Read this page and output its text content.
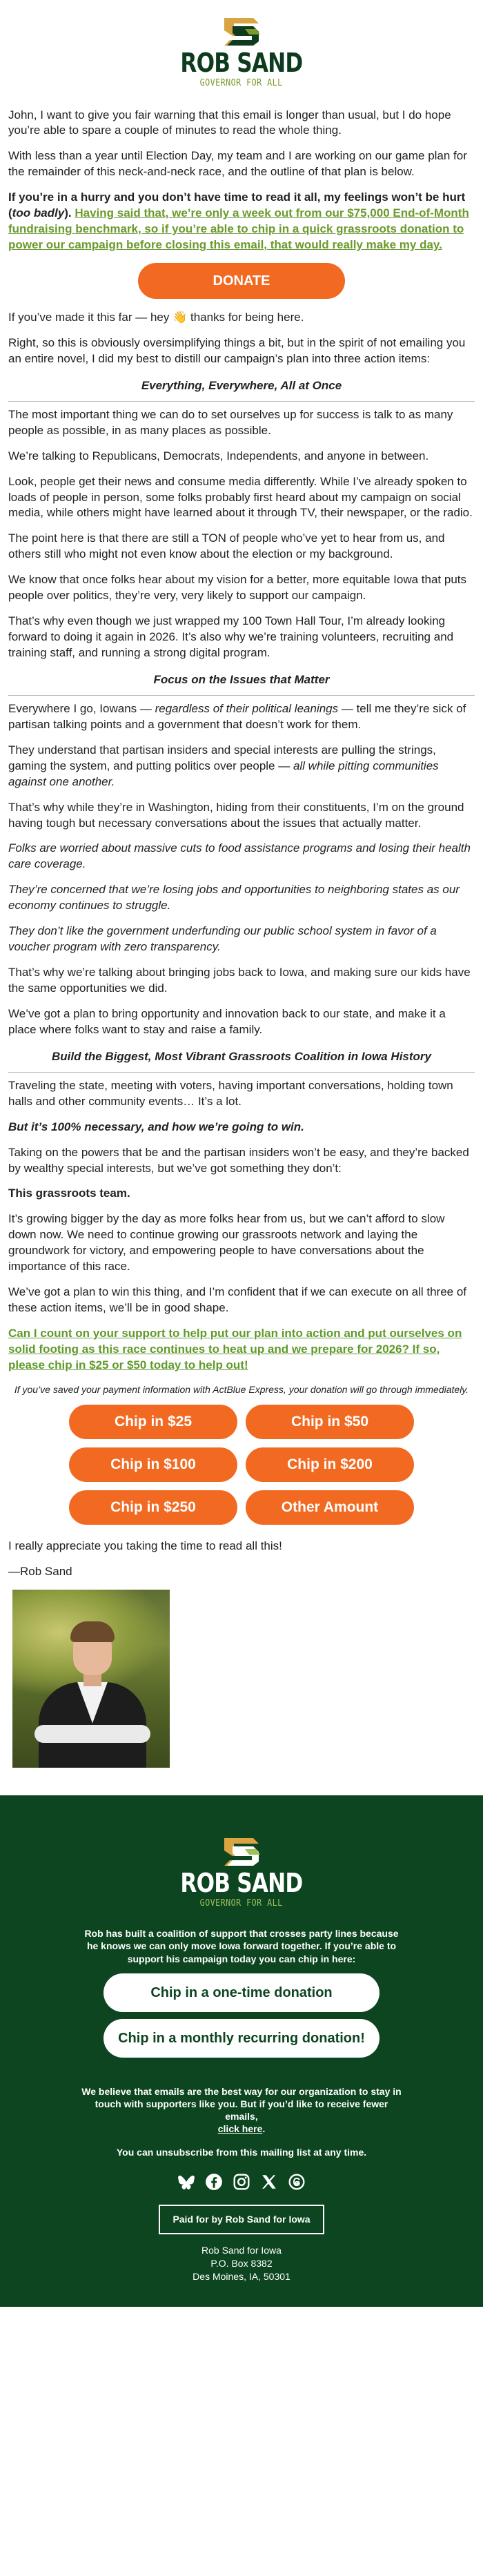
ROB SAND
GOVERNOR FOR ALL

John, I want to give you fair warning that this email is longer than usual, but I do hope you’re able to spare a couple of minutes to read the whole thing.

With less than a year until Election Day, my team and I are working on our game plan for the remainder of this neck-and-neck race, and the outline of that plan is below.

If you’re in a hurry and you don’t have time to read it all, my feelings won’t be hurt (too badly). Having said that, we’re only a week out from our $75,000 End-of-Month fundraising benchmark, so if you’re able to chip in a quick grassroots donation to power our campaign before closing this email, that would really make my day.

DONATE

If you’ve made it this far — hey 👋 thanks for being here.

Right, so this is obviously oversimplifying things a bit, but in the spirit of not emailing you an entire novel, I did my best to distill our campaign’s plan into three action items:

Everything, Everywhere, All at Once

The most important thing we can do to set ourselves up for success is talk to as many people as possible, in as many places as possible.

We’re talking to Republicans, Democrats, Independents, and anyone in between.

Look, people get their news and consume media differently. While I’ve already spoken to loads of people in person, some folks probably first heard about my campaign on social media, while others might have learned about it through TV, their newspaper, or the radio.

The point here is that there are still a TON of people who’ve yet to hear from us, and others still who might not even know about the election or my background.

We know that once folks hear about my vision for a better, more equitable Iowa that puts people over politics, they’re very, very likely to support our campaign.

That’s why even though we just wrapped my 100 Town Hall Tour, I’m already looking forward to doing it again in 2026. It’s also why we’re training volunteers, recruiting and training staff, and running a strong digital program.

Focus on the Issues that Matter

Everywhere I go, Iowans — regardless of their political leanings — tell me they’re sick of partisan talking points and a government that doesn’t work for them.

They understand that partisan insiders and special interests are pulling the strings, gaming the system, and putting politics over people — all while pitting communities against one another.

That’s why while they’re in Washington, hiding from their constituents, I’m on the ground having tough but necessary conversations about the issues that actually matter.

Folks are worried about massive cuts to food assistance programs and losing their health care coverage.

They’re concerned that we’re losing jobs and opportunities to neighboring states as our economy continues to struggle.

They don’t like the government underfunding our public school system in favor of a voucher program with zero transparency.

That’s why we’re talking about bringing jobs back to Iowa, and making sure our kids have the same opportunities we did.

We’ve got a plan to bring opportunity and innovation back to our state, and make it a place where folks want to stay and raise a family.

Build the Biggest, Most Vibrant Grassroots Coalition in Iowa History

Traveling the state, meeting with voters, having important conversations, holding town halls and other community events… It’s a lot.

But it’s 100% necessary, and how we’re going to win.

Taking on the powers that be and the partisan insiders won’t be easy, and they’re backed by wealthy special interests, but we’ve got something they don’t:

This grassroots team.

It’s growing bigger by the day as more folks hear from us, but we can’t afford to slow down now. We need to continue growing our grassroots network and laying the groundwork for victory, and empowering people to have conversations about the importance of this race.

We’ve got a plan to win this thing, and I’m confident that if we can execute on all three of these action items, we’ll be in good shape.

Can I count on your support to help put our plan into action and put ourselves on solid footing as this race continues to heat up and we prepare for 2026? If so, please chip in $25 or $50 today to help out!

If you’ve saved your payment information with ActBlue Express, your donation will go through immediately.
Chip in $25	Chip in $50
Chip in $100	Chip in $200
Chip in $250	Other Amount

I really appreciate you taking the time to read all this!

—Rob Sand

ROB SAND
GOVERNOR FOR ALL
Rob has built a coalition of support that crosses party lines because he knows we can only move Iowa forward together. If you’re able to support his campaign today you can chip in here:
Chip in a one-time donation
Chip in a monthly recurring donation!
We believe that emails are the best way for our organization to stay in touch with supporters like you. But if you’d like to receive fewer emails,
click here.
You can unsubscribe from this mailing list at any time.
Paid for by Rob Sand for Iowa
Rob Sand for Iowa
P.O. Box 8382
Des Moines, IA, 50301
